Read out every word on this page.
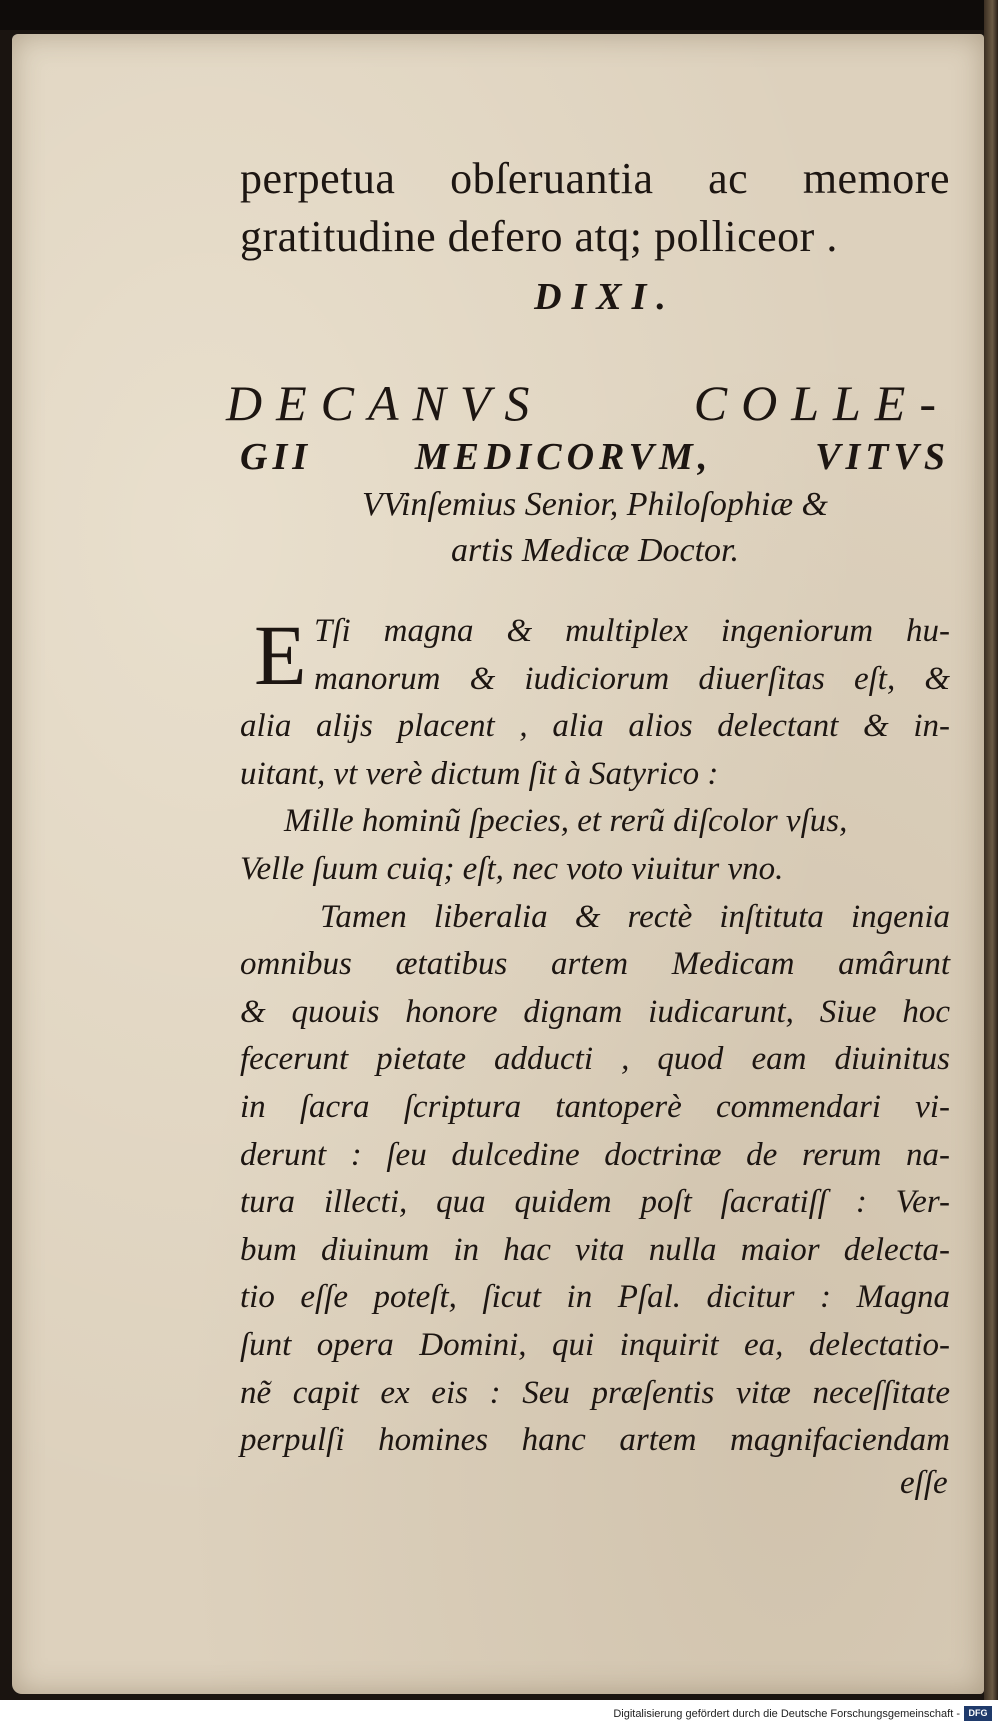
perpetua obſeruantia ac memore

gratitudine defero atq; polliceor .

DIXI.

DECANVS COLLE-
GII MEDICORVM, VITVS
VVinſemius Senior, Philoſophiæ &
artis Medicæ Doctor.
E Tſi magna & multiplex ingeniorum hu-
manorum & iudiciorum diuerſitas eſt, &
alia alijs placent , alia alios delectant & in-
uitant, vt verè dictum ſit à Satyrico :
Mille hominũ ſpecies, et rerũ diſcolor vſus,
Velle ſuum cuiq; eſt, nec voto viuitur vno.
Tamen liberalia & rectè inſtituta ingenia
omnibus ætatibus artem Medicam amârunt
& quouis honore dignam iudicarunt, Siue hoc
fecerunt pietate adducti , quod eam diuinitus
in ſacra ſcriptura tantoperè commendari vi-
derunt : ſeu dulcedine doctrinæ de rerum na-
tura illecti, qua quidem poſt ſacratiſſ : Ver-
bum diuinum in hac vita nulla maior delecta-
tio eſſe poteſt, ſicut in Pſal. dicitur : Magna
ſunt opera Domini, qui inquirit ea, delectatio-
nẽ capit ex eis : Seu præſentis vitæ neceſſitate
perpulſi homines hanc artem magnifaciendam
eſſe
Digitalisierung gefördert durch die Deutsche Forschungsgemeinschaft - DFG
